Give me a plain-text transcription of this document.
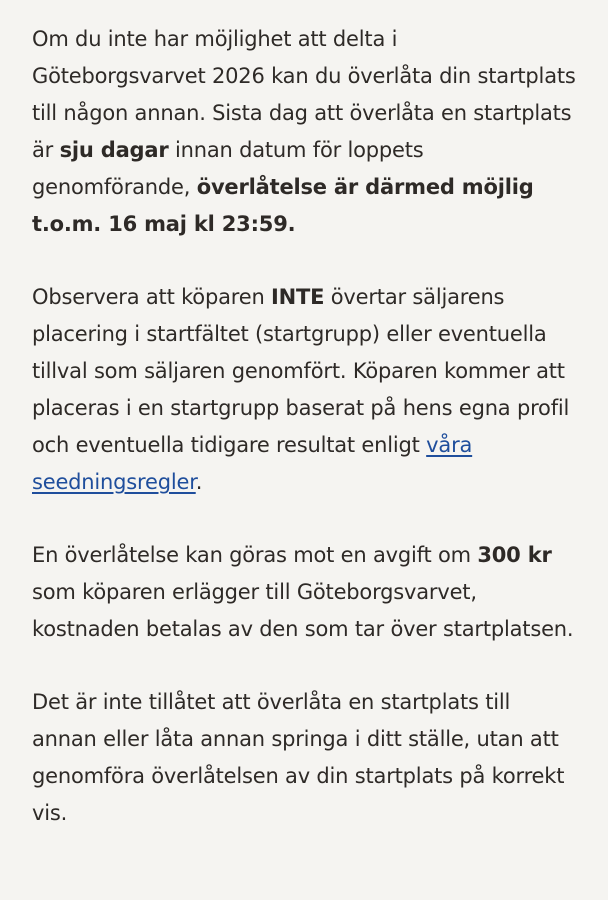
Om du inte har möjlighet att delta i Göteborgsvarvet 2026 kan du överlåta din startplats till någon annan. Sista dag att överlåta en startplats är sju dagar innan datum för loppets genomförande, överlåtelse är därmed möjlig t.o.m. 16 maj kl 23:59.

Observera att köparen INTE övertar säljarens placering i startfältet (startgrupp) eller eventuella tillval som säljaren genomfört. Köparen kommer att placeras i en startgrupp baserat på hens egna profil och eventuella tidigare resultat enligt våra seedningsregler.

En överlåtelse kan göras mot en avgift om 300 kr som köparen erlägger till Göteborgsvarvet, kostnaden betalas av den som tar över startplatsen.

Det är inte tillåtet att överlåta en startplats till annan eller låta annan springa i ditt ställe, utan att genomföra överlåtelsen av din startplats på korrekt vis.
